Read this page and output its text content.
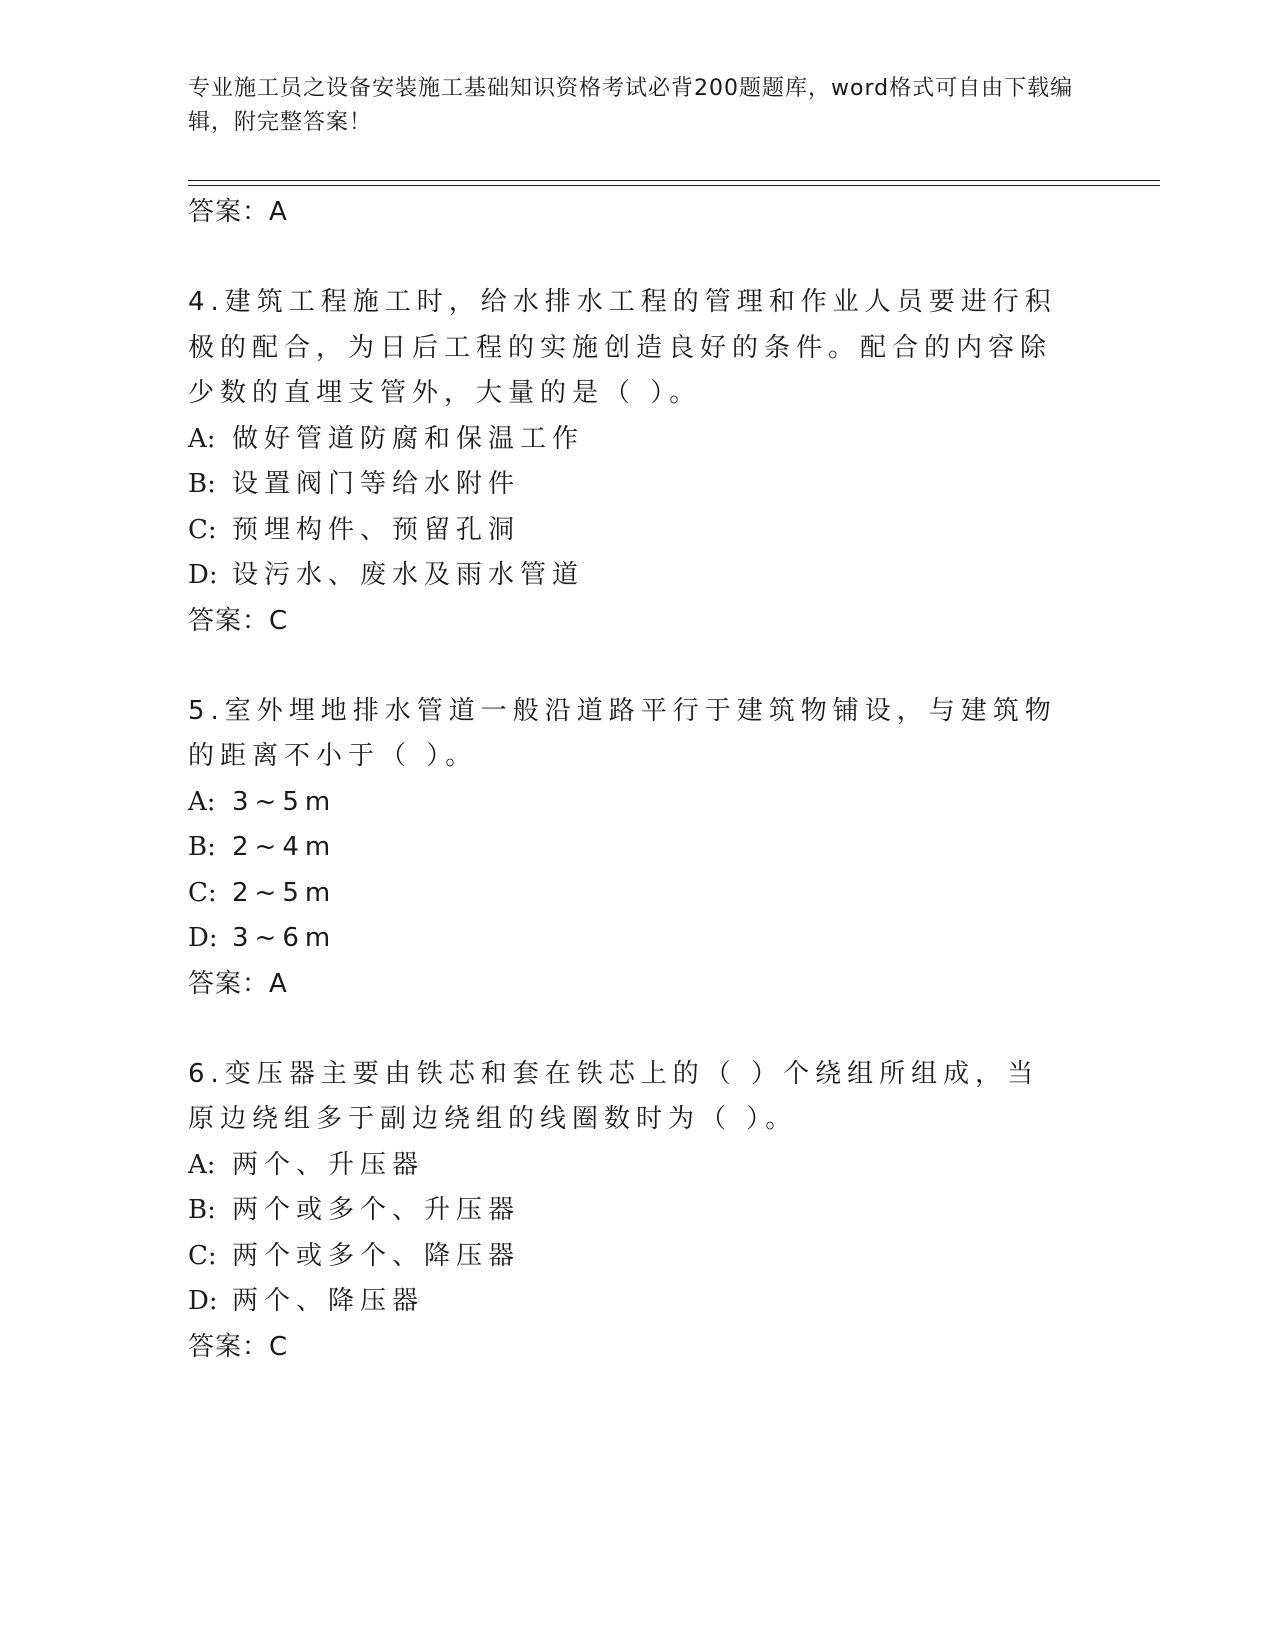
专业施工员之设备安装施工基础知识资格考试必背200题题库，word格式可自由下载编辑，附完整答案！
答案：A

4.建筑工程施工时，给水排水工程的管理和作业人员要进行积极的配合，为日后工程的实施创造良好的条件。配合的内容除少数的直埋支管外，大量的是（ ）。

A: 做好管道防腐和保温工作
B: 设置阀门等给水附件
C: 预埋构件、预留孔洞
D: 设污水、废水及雨水管道
答案：C

5.室外埋地排水管道一般沿道路平行于建筑物铺设，与建筑物的距离不小于（ ）。

A: 3~5m
B: 2~4m
C: 2~5m
D: 3~6m
答案：A

6.变压器主要由铁芯和套在铁芯上的（ ）个绕组所组成，当原边绕组多于副边绕组的线圈数时为（ ）。

A: 两个、升压器
B: 两个或多个、升压器
C: 两个或多个、降压器
D: 两个、降压器
答案：C
